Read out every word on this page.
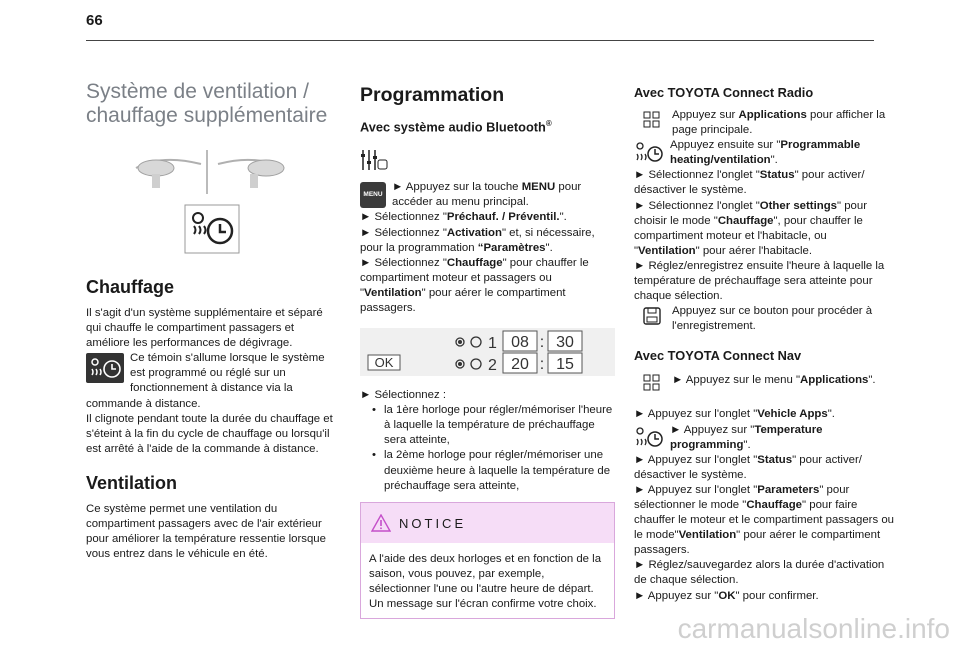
66

Système de ventilation / chauffage supplémentaire

Chauffage

Il s'agit d'un système supplémentaire et séparé qui chauffe le compartiment passagers et améliore les performances de dégivrage.

Ce témoin s'allume lorsque le système est programmé ou réglé sur un fonctionnement à distance via la commande à distance.

Il clignote pendant toute la durée du chauffage et s'éteint à la fin du cycle de chauffage ou lorsqu'il est arrêté à l'aide de la commande à distance.

Ventilation

Ce système permet une ventilation du compartiment passagers avec de l'air extérieur pour améliorer la température ressentie lorsque vous entrez dans le véhicule en été.

Programmation

Avec système audio Bluetooth®

MENU

► Appuyez sur la touche MENU pour accéder au menu principal.

► Sélectionnez "Préchauf. / Préventil.".

► Sélectionnez "Activation" et, si nécessaire, pour la programmation “Paramètres".

► Sélectionnez "Chauffage" pour chauffer le compartiment moteur et passagers ou "Ventilation" pour aérer le compartiment passagers.

OK
1 08 : 30
2 20 : 15

► Sélectionnez :

• la 1ère horloge pour régler/mémoriser l'heure à laquelle la température de préchauffage sera atteinte,

• la 2ème horloge pour régler/mémoriser une deuxième heure à laquelle la température de préchauffage sera atteinte,

NOTICE
A l'aide des deux horloges et en fonction de la saison, vous pouvez, par exemple, sélectionner l'une ou l'autre heure de départ. Un message sur l'écran confirme votre choix.

Avec TOYOTA Connect Radio

Appuyez sur Applications pour afficher la page principale.

Appuyez ensuite sur "Programmable heating/ventilation".

► Sélectionnez l'onglet "Status" pour activer/ désactiver le système.

► Sélectionnez l'onglet "Other settings" pour choisir le mode "Chauffage", pour chauffer le compartiment moteur et l'habitacle, ou "Ventilation" pour aérer l'habitacle.

► Réglez/enregistrez ensuite l'heure à laquelle la température de préchauffage sera atteinte pour chaque sélection.

Appuyez sur ce bouton pour procéder à l'enregistrement.

Avec TOYOTA Connect Nav

► Appuyez sur le menu "Applications".

► Appuyez sur l'onglet "Vehicle Apps".

► Appuyez sur "Temperature programming".

► Appuyez sur l'onglet "Status" pour activer/ désactiver le système.

► Appuyez sur l'onglet "Parameters" pour sélectionner le mode "Chauffage" pour faire chauffer le moteur et le compartiment passagers ou le mode"Ventilation" pour aérer le compartiment passagers.

► Réglez/sauvegardez alors la durée d'activation de chaque sélection.

► Appuyez sur "OK" pour confirmer.

carmanualsonline.info
